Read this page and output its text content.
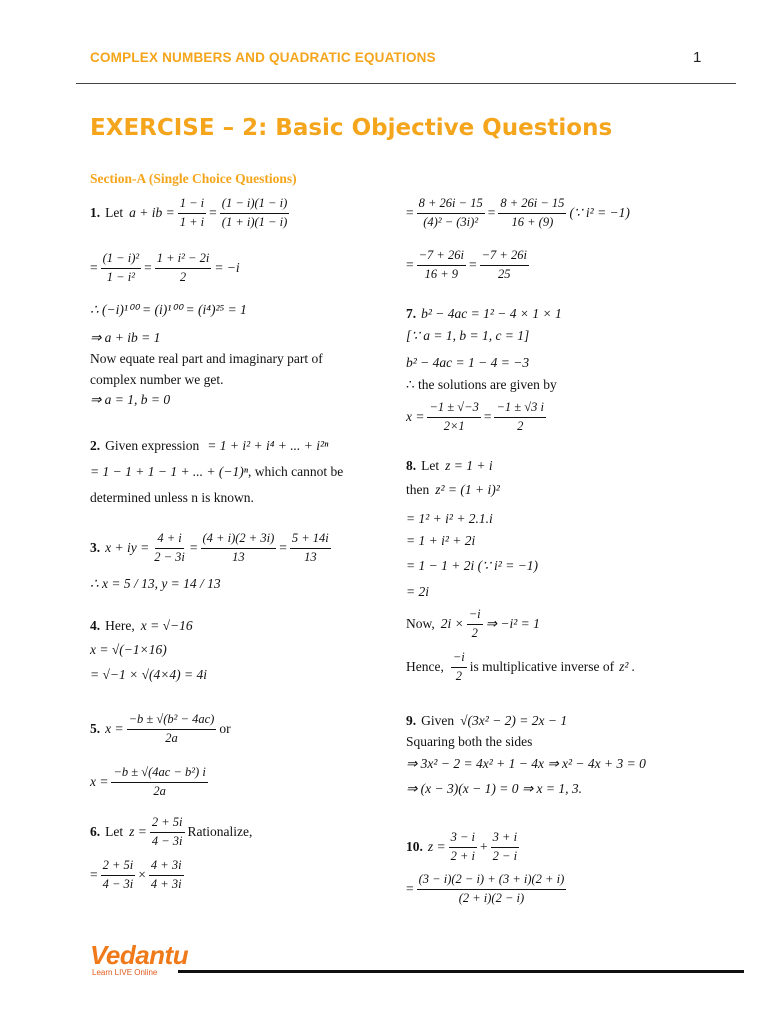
COMPLEX NUMBERS AND QUADRATIC EQUATIONS	1
EXERCISE – 2: Basic Objective Questions
Section-A (Single Choice Questions)
1. Let a + ib = $\frac{1 - i}{1 + i} = \frac{(1 - i)(1 - i)}{(1 + i)(1 - i)}$
= $\frac{\text{(1 − i)²}}{\text{1 − i²}} = \frac{\text{1 + i² − 2i}}{2} = -i$
∴ (−i)¹⁰⁰ = (i)¹⁰⁰ = (i⁴)²⁵ = 1
⇒ a + ib = 1
Now equate real part and imaginary part of
complex number we get.
⇒ a = 1, b = 0
2. Given expression = 1 + i² + i⁴ + ... + i²ⁿ
= 1 − 1 + 1 − 1 + ... + (−1)ⁿ , which cannot be
determined unless n is known.
3. x + iy = $\frac{4 + i}{2 - 3i} = \frac{(4 + i)(2 + 3i)}{13} = \frac{5 + 14i}{13}$
∴ x = 5 / 13, y = 14 / 13
4. Here, x = √−16
x = √(−1×16)
= √−1 × √(4×4) = 4i
5. $x = \frac{\text{−b ± √(b² − 4ac)}}{2a}$ or
$x = \frac{\text{−b ± √(4ac − b²) i}}{2a}$
6. Let $z = \frac{2 + 5i}{4 - 3i}$ Rationalize,
= $\frac{2 + 5i}{4 - 3i} \times \frac{4 + 3i}{4 + 3i}$
= $\frac{8 + 26i - 15}{\text{(4)² − (3i)²}} = \frac{8 + 26i - 15}{16 + (9)}$ (∵ i² = −1)
= $\frac{-7 + 26i}{16 + 9} = \frac{-7 + 26i}{25}$
7. b² − 4ac = 1² − 4 × 1 × 1
[∵ a = 1, b = 1, c = 1]
b² − 4ac = 1 − 4 = −3
∴ the solutions are given by
$x = \frac{-1 \pm √-3}{2\times 1} = \frac{-1 \pm √3 i}{2}$
8. Let z = 1 + i
then z² = (1 + i)²
= 1² + i² + 2.1.i
= 1 + i² + 2i
= 1 − 1 + 2i (∵ i² = −1)
= 2i
Now, $2i \times \frac{-i}{2}$ ⇒ −i² = 1
Hence, $\frac{-i}{2}$ is multiplicative inverse of z² .
9. Given √(3x² − 2) = 2x − 1
Squaring both the sides
⇒ 3x² − 2 = 4x² + 1 − 4x ⇒ x² − 4x + 3 = 0
⇒ (x − 3)(x − 1) = 0 ⇒ x = 1, 3.
10. $z = \frac{3 - i}{2 + i} + \frac{3 + i}{2 - i}$
= $\frac{(3 - i)(2 - i) + (3 + i)(2 + i)}{(2 + i)(2 - i)}$
Vedantu
Learn LIVE Online
